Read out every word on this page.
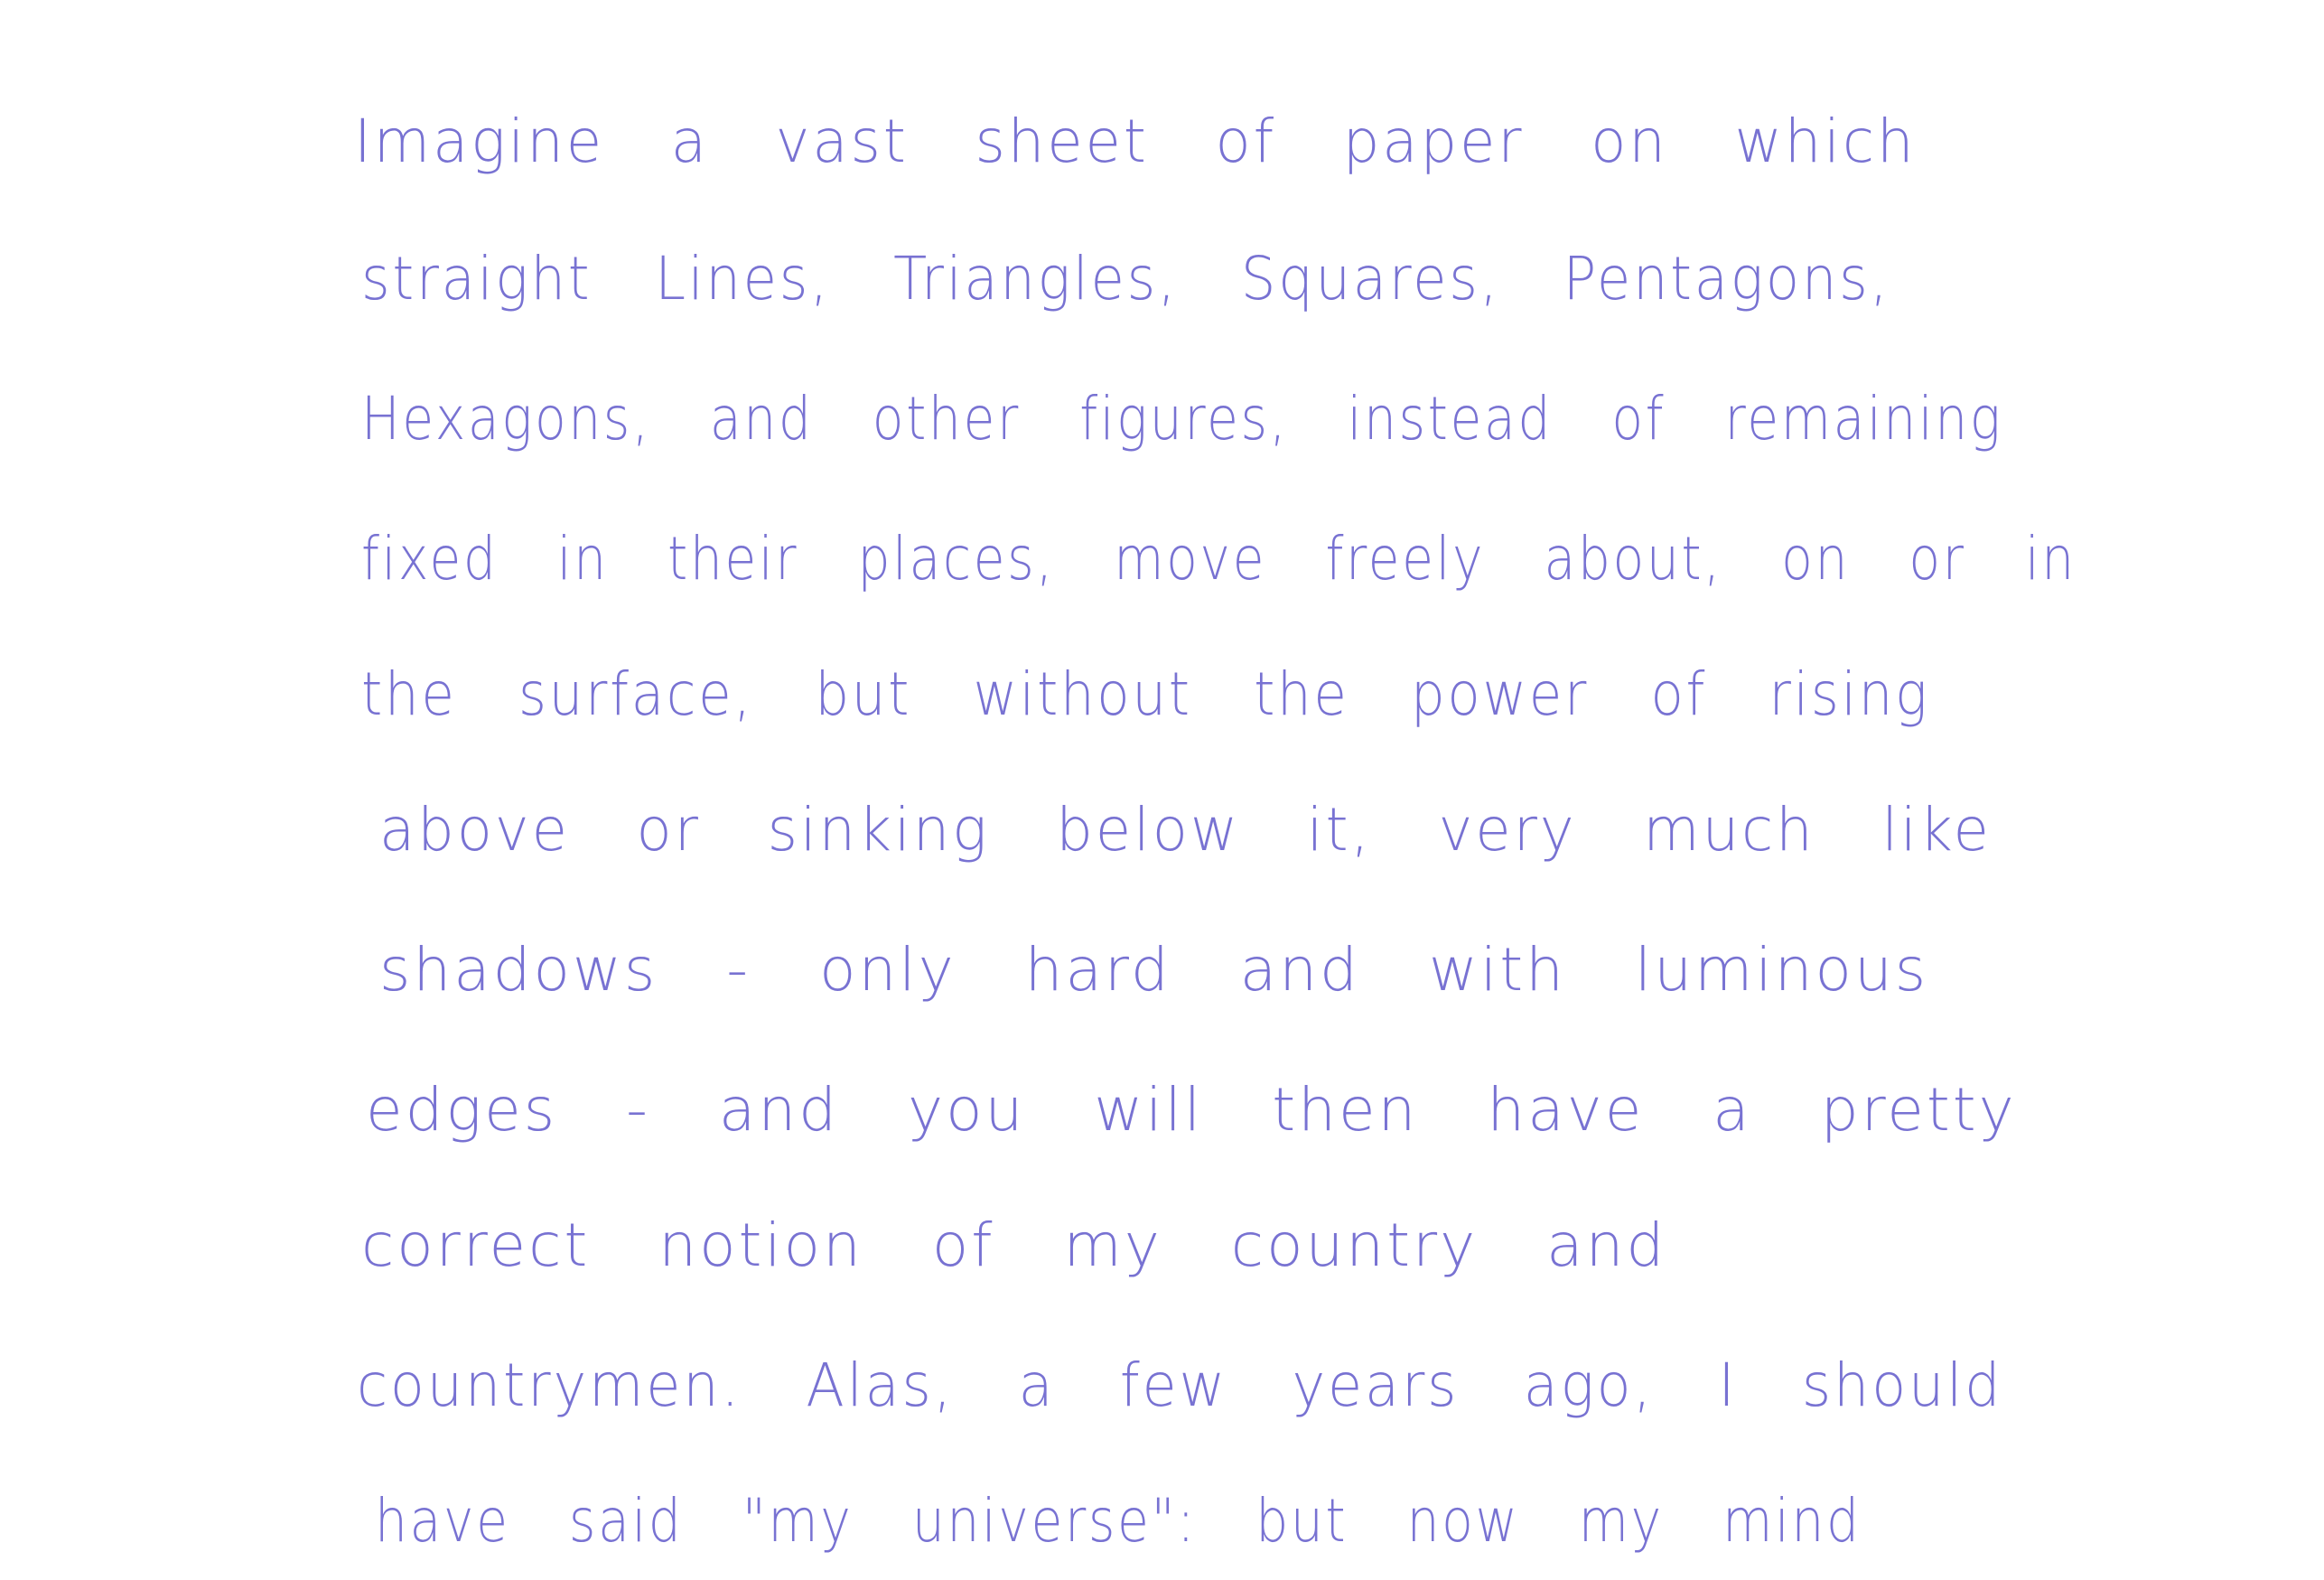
Imagine a vast sheet of paper on which
straight Lines, Triangles, Squares, Pentagons,
Hexagons, and other figures, instead of remaining
fixed in their places, move freely about, on or in
the surface, but without the power of rising
above or sinking below it, very much like
shadows - only hard and with luminous
edges - and you will then have a pretty
correct notion of my country and
countrymen. Alas, a few years ago, I should
have said "my universe": but now my mind
